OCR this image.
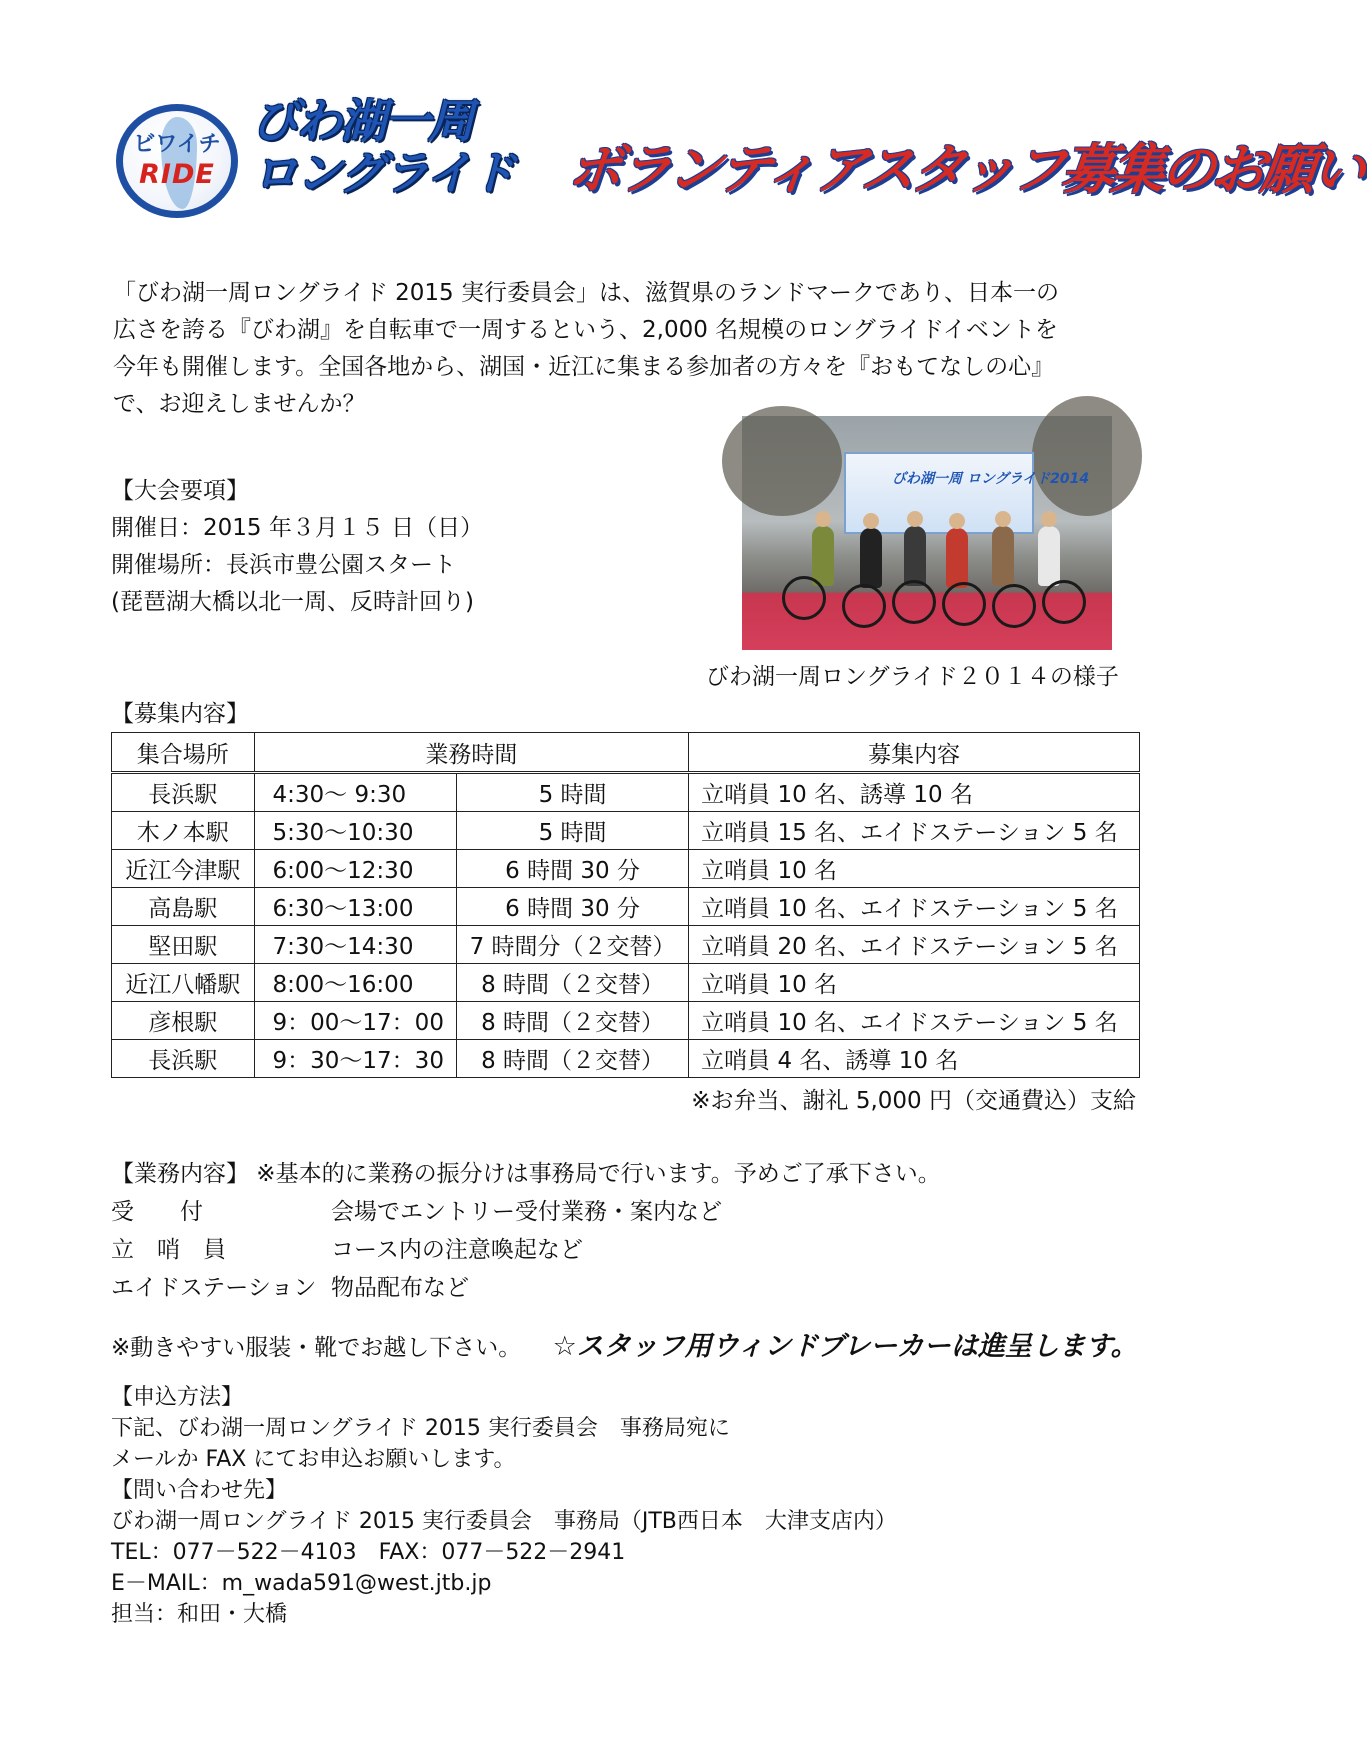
ビワイチ
RIDE
びわ湖一周
ロングライド ボランティアスタッフ募集のお願い
「びわ湖一周ロングライド 2015 実行委員会」は、滋賀県のランドマークであり、日本一の
広さを誇る『びわ湖』を自転車で一周するという、2,000 名規模のロングライドイベントを
今年も開催します。全国各地から、湖国・近江に集まる参加者の方々を『おもてなしの心』
で、お迎えしませんか？
【大会要項】
開催日：2015 年３月１５ 日（日）
開催場所：長浜市豊公園スタート
(琵琶湖大橋以北一周、反時計回り)
びわ湖一周 ロングライド2014
びわ湖一周ロングライド２０１４の様子
【募集内容】
集合場所	業務時間		募集内容
長浜駅	4:30～ 9:30	5 時間	立哨員 10 名、誘導 10 名
木ノ本駅	5:30～10:30	5 時間	立哨員 15 名、エイドステーション 5 名
近江今津駅	6:00～12:30	6 時間 30 分	立哨員 10 名
高島駅	6:30～13:00	6 時間 30 分	立哨員 10 名、エイドステーション 5 名
堅田駅	7:30～14:30	7 時間分（２交替）	立哨員 20 名、エイドステーション 5 名
近江八幡駅	8:00～16:00	8 時間（２交替）	立哨員 10 名
彦根駅	9：00～17：00	8 時間（２交替）	立哨員 10 名、エイドステーション 5 名
長浜駅	9：30～17：30	8 時間（２交替）	立哨員 4 名、誘導 10 名
※お弁当、謝礼 5,000 円（交通費込）支給
【業務内容】 ※基本的に業務の振分けは事務局で行います。予めご了承下さい。
受　　付	会場でエントリー受付業務・案内など
立　哨　員	コース内の注意喚起など
エイドステーション 物品配布など
※動きやすい服装・靴でお越し下さい。 ☆スタッフ用ウィンドブレーカーは進呈します。
【申込方法】
下記、びわ湖一周ロングライド 2015 実行委員会　事務局宛に
メールか FAX にてお申込お願いします。
【問い合わせ先】
びわ湖一周ロングライド 2015 実行委員会　事務局（JTB西日本　大津支店内）
TEL：077－522－4103　FAX：077－522－2941
E－MAIL：m_wada591@west.jtb.jp
担当：和田・大橋
